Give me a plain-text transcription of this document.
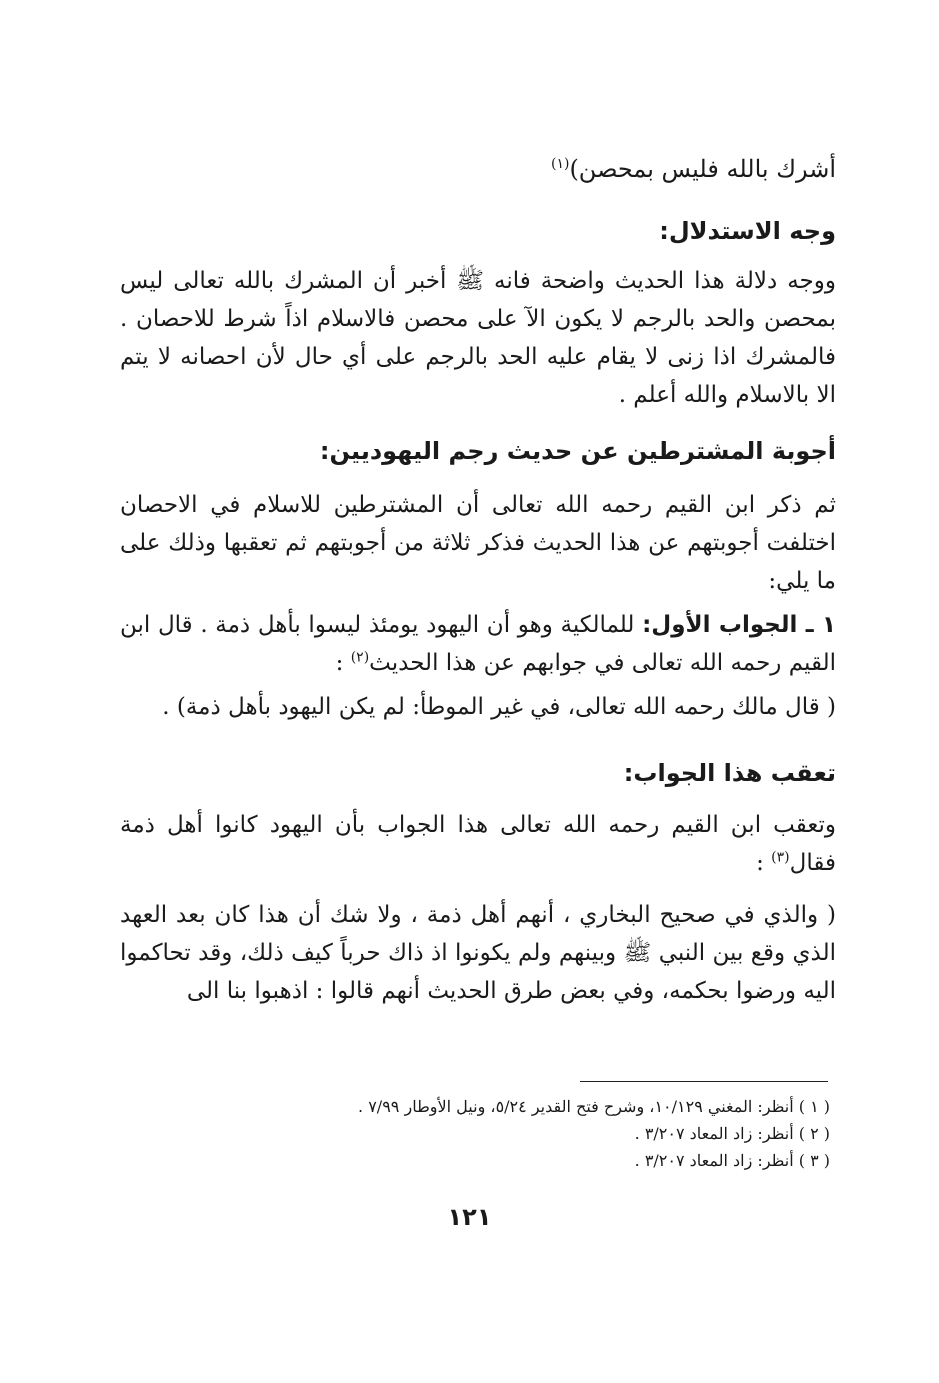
أشرك بالله فليس بمحصن)$^{(١)}$

وجه الاستدلال:

ووجه دلالة هذا الحديث واضحة فانه ﷺ أخبر أن المشرك بالله تعالى ليس بمحصن والحد بالرجم لا يكون الآ على محصن فالاسلام اذاً شرط للاحصان . فالمشرك اذا زنى لا يقام عليه الحد بالرجم على أي حال لأن احصانه لا يتم الا بالاسلام والله أعلم .

أجوبة المشترطين عن حديث رجم اليهوديين:

ثم ذكر ابن القيم رحمه الله تعالى أن المشترطين للاسلام في الاحصان اختلفت أجوبتهم عن هذا الحديث فذكر ثلاثة من أجوبتهم ثم تعقبها وذلك على ما يلي:

١ ـ الجواب الأول: للمالكية وهو أن اليهود يومئذ ليسوا بأهل ذمة . قال ابن القيم رحمه الله تعالى في جوابهم عن هذا الحديث$^{(٢)}$ :

( قال مالك رحمه الله تعالى، في غير الموطأ: لم يكن اليهود بأهل ذمة) .

تعقب هذا الجواب:

وتعقب ابن القيم رحمه الله تعالى هذا الجواب بأن اليهود كانوا أهل ذمة فقال$^{(٣)}$ :

( والذي في صحيح البخاري ، أنهم أهل ذمة ، ولا شك أن هذا كان بعد العهد الذي وقع بين النبي ﷺ وبينهم ولم يكونوا اذ ذاك حرباً كيف ذلك، وقد تحاكموا اليه ورضوا بحكمه، وفي بعض طرق الحديث أنهم قالوا : اذهبوا بنا الى

( ١ ) أنظر: المغني ١٠/١٢٩، وشرح فتح القدير ٥/٢٤، ونيل الأوطار ٧/٩٩ .

( ٢ ) أنظر: زاد المعاد ٣/٢٠٧ .

( ٣ ) أنظر: زاد المعاد ٣/٢٠٧ .

١٢١
